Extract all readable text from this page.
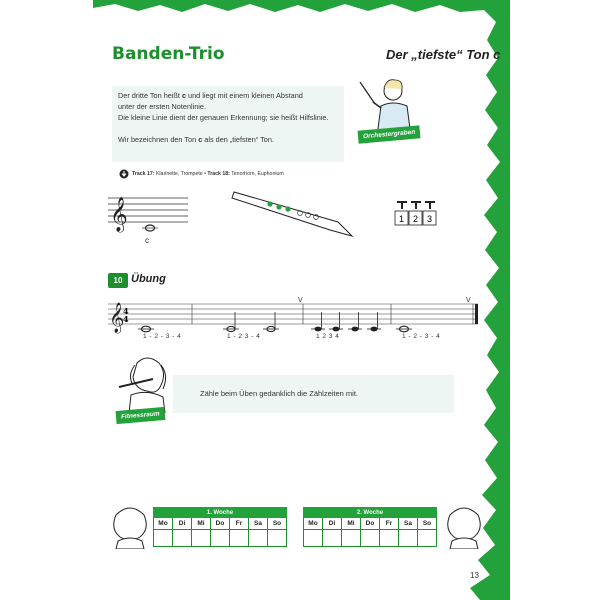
Banden-Trio	Der „tiefste“ Ton c

Der dritte Ton heißt c und liegt mit einem kleinen Abstand

unter der ersten Notenlinie.

Die kleine Linie dient der genauen Erkennung; sie heißt Hilfslinie.

Wir bezeichnen den Ton c als den „tiefsten“ Ton.	Orchestergraben
Track 17: Klarinette, Trompete • Track 18: Tenorhorn, Euphonium
𝄞
c
1 2 3
10 Übung
𝄞
4
4
V	V
1 - 2 - 3 - 4	1 - 2 3 - 4	1 2 3 4	1 - 2 - 3 - 4
Fitnessraum
Zähle beim Üben gedanklich die Zählzeiten mit.
1. Woche						
Mo	Di	Mi	Do	Fr	Sa	So

2. Woche						
Mo	Di	Mi	Do	Fr	Sa	So

13
